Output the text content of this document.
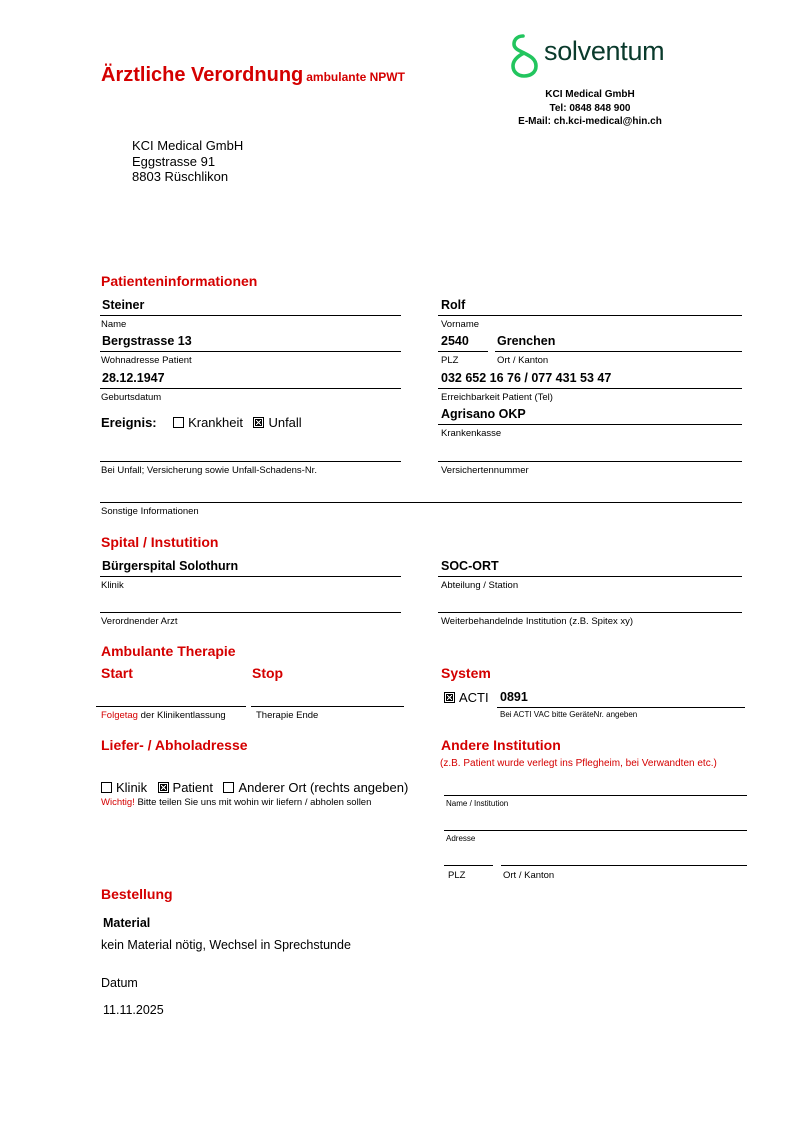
Ärztliche Verordnung ambulante NPWT
solventum
KCI Medical GmbH
Tel: 0848 848 900
E-Mail: ch.kci-medical@hin.ch
KCI Medical GmbH
Eggstrasse 91
8803 Rüschlikon
Patienteninformationen
Steiner
Name
Rolf
Vorname
Bergstrasse 13
Wohnadresse Patient
2540
PLZ
Grenchen
Ort / Kanton
28.12.1947
Geburtsdatum
032 652 16 76 / 077 431 53 47
Erreichbarkeit Patient (Tel)
Ereignis: Krankheit Unfall
Agrisano OKP
Krankenkasse
Bei Unfall; Versicherung sowie Unfall-Schadens-Nr.	Versichertennummer
Sonstige Informationen
Spital / Instutition
Bürgerspital Solothurn
Klinik
SOC-ORT
Abteilung / Station
Verordnender Arzt	Weiterbehandelnde Institution (z.B. Spitex xy)
Ambulante Therapie
Start	Stop
Folgetag der Klinikentlassung	Therapie Ende
System
ACTI 0891
Bei ACTI VAC bitte GeräteNr. angeben
Liefer- / Abholadresse
Klinik Patient Anderer Ort (rechts angeben)
Wichtig! Bitte teilen Sie uns mit wohin wir liefern / abholen sollen
Andere Institution
(z.B. Patient wurde verlegt ins Pflegheim, bei Verwandten etc.)
Name / Institution
Adresse
PLZ	Ort / Kanton
Bestellung
Material
kein Material nötig, Wechsel in Sprechstunde
Datum
11.11.2025
